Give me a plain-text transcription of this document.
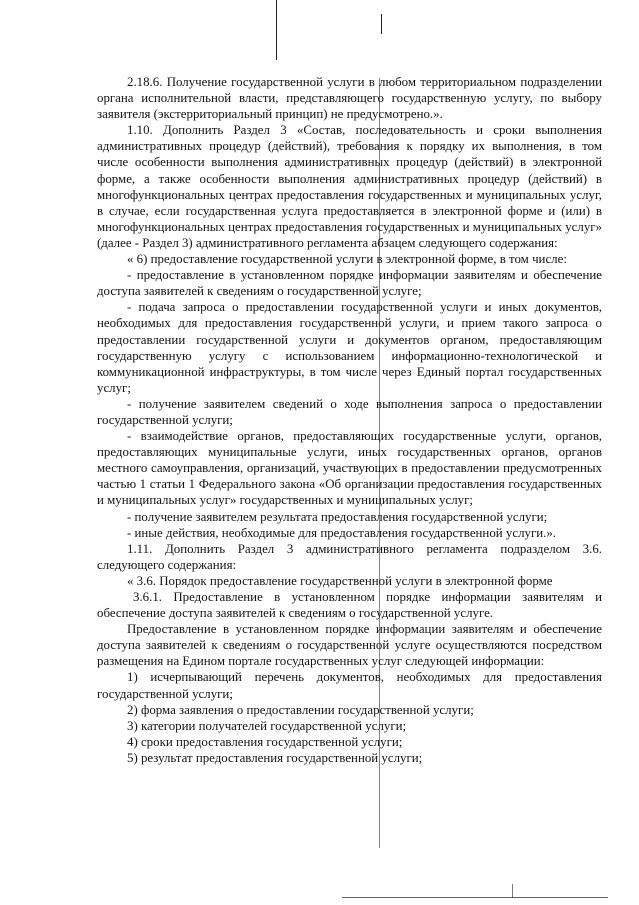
2.18.6. Получение государственной услуги в любом территориальном подразделении органа исполнительной власти, представляющего государственную услугу, по выбору заявителя (экстерриториальный принцип) не предусмотрено.».

1.10. Дополнить Раздел 3 «Состав, последовательность и сроки выполнения административных процедур (действий), требования к порядку их выполнения, в том числе особенности выполнения административных процедур (действий) в электронной форме, а также особенности выполнения административных процедур (действий) в многофункциональных центрах предоставления государственных и муниципальных услуг, в случае, если государственная услуга предоставляется в электронной форме и (или) в многофункциональных центрах предоставления государственных и муниципальных услуг» (далее - Раздел 3) административного регламента абзацем следующего содержания:

« 6) предоставление государственной услуги в электронной форме, в том числе:

- предоставление в установленном порядке информации заявителям и обеспечение доступа заявителей к сведениям о государственной услуге;

- подача запроса о предоставлении государственной услуги и иных документов, необходимых для предоставления государственной услуги, и прием такого запроса о предоставлении государственной услуги и документов органом, предоставляющим государственную услугу с использованием информационно-технологической и коммуникационной инфраструктуры, в том числе через Единый портал государственных услуг;

- получение заявителем сведений о ходе выполнения запроса о предоставлении государственной услуги;

- взаимодействие органов, предоставляющих государственные услуги, органов, предоставляющих муниципальные услуги, иных государственных органов, органов местного самоуправления, организаций, участвующих в предоставлении предусмотренных частью 1 статьи 1 Федерального закона «Об организации предоставления государственных и муниципальных услуг» государственных и муниципальных услуг;

- получение заявителем результата предоставления государственной услуги;

- иные действия, необходимые для предоставления государственной услуги.».

1.11. Дополнить Раздел 3 административного регламента подразделом 3.6. следующего содержания:

« 3.6. Порядок предоставление государственной услуги в электронной форме

3.6.1. Предоставление в установленном порядке информации заявителям и обеспечение доступа заявителей к сведениям о государственной услуге.

Предоставление в установленном порядке информации заявителям и обеспечение доступа заявителей к сведениям о государственной услуге осуществляются посредством размещения на Едином портале государственных услуг следующей информации:

1) исчерпывающий перечень документов, необходимых для предоставления государственной услуги;

2) форма заявления о предоставлении государственной услуги;

3) категории получателей государственной услуги;

4) сроки предоставления государственной услуги;

5) результат предоставления государственной услуги;
